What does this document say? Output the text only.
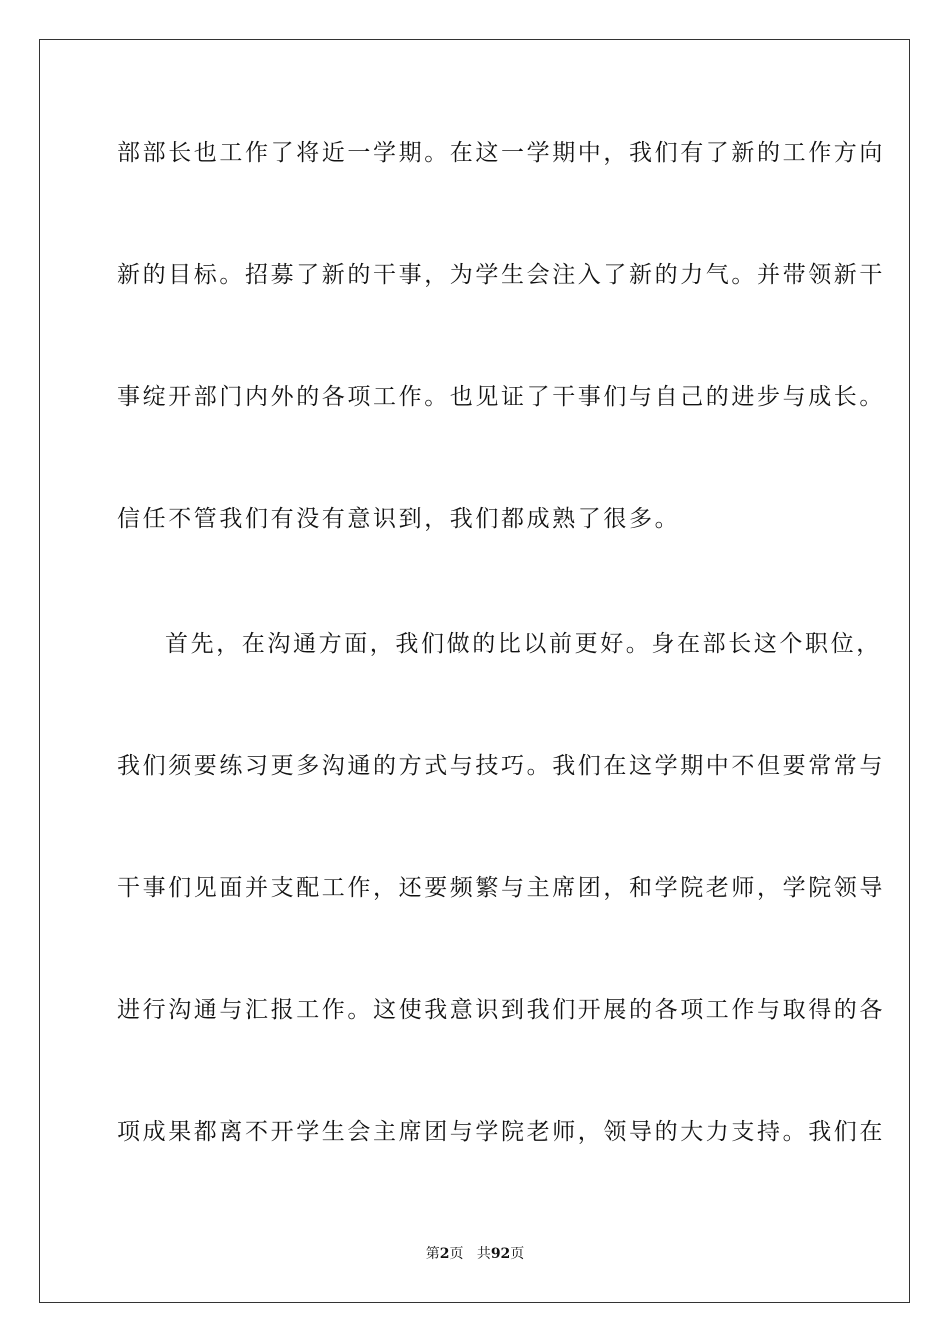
部部长也工作了将近一学期。在这一学期中，我们有了新的工作方向
新的目标。招募了新的干事，为学生会注入了新的力气。并带领新干
事绽开部门内外的各项工作。也见证了干事们与自己的进步与成长。
信任不管我们有没有意识到，我们都成熟了很多。
首先，在沟通方面，我们做的比以前更好。身在部长这个职位，
我们须要练习更多沟通的方式与技巧。我们在这学期中不但要常常与
干事们见面并支配工作，还要频繁与主席团，和学院老师，学院领导
进行沟通与汇报工作。这使我意识到我们开展的各项工作与取得的各
项成果都离不开学生会主席团与学院老师，领导的大力支持。我们在
第2页 共92页
